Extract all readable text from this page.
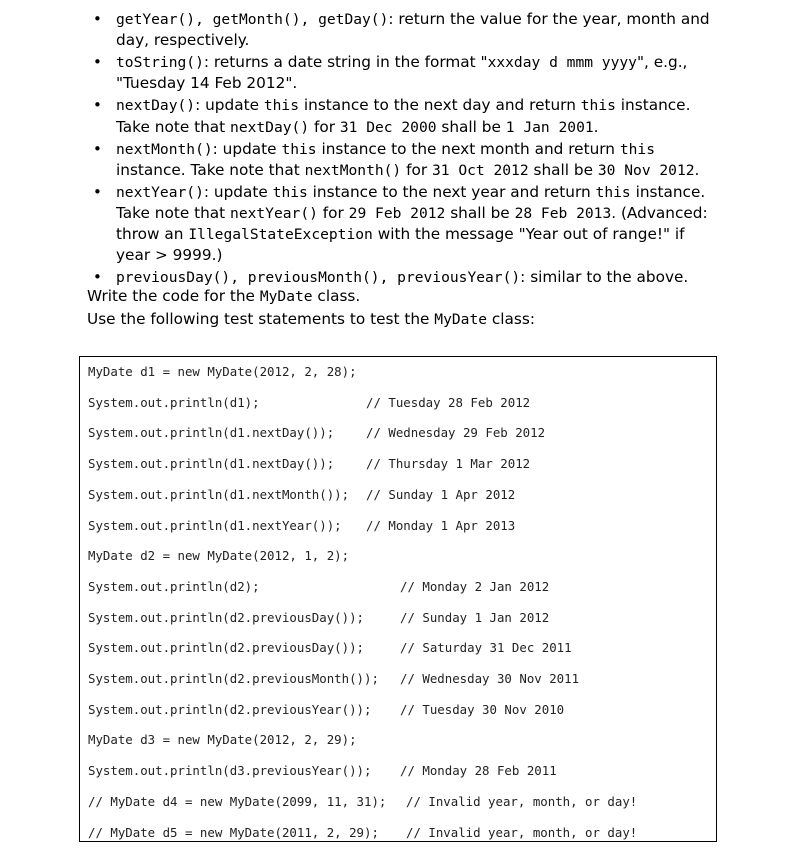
• getYear(), getMonth(), getDay(): return the value for the year, month and day, respectively.
• toString(): returns a date string in the format "xxxday d mmm yyyy", e.g., "Tuesday 14 Feb 2012".
• nextDay(): update this instance to the next day and return this instance. Take note that nextDay() for 31 Dec 2000 shall be 1 Jan 2001.
• nextMonth(): update this instance to the next month and return this instance. Take note that nextMonth() for 31 Oct 2012 shall be 30 Nov 2012.
• nextYear(): update this instance to the next year and return this instance. Take note that nextYear() for 29 Feb 2012 shall be 28 Feb 2013. (Advanced: throw an IllegalStateException with the message "Year out of range!" if year > 9999.)
• previousDay(), previousMonth(), previousYear(): similar to the above.
Write the code for the MyDate class.
Use the following test statements to test the MyDate class:
MyDate d1 = new MyDate(2012, 2, 28);
System.out.println(d1);	// Tuesday 28 Feb 2012
System.out.println(d1.nextDay());	// Wednesday 29 Feb 2012
System.out.println(d1.nextDay());	// Thursday 1 Mar 2012
System.out.println(d1.nextMonth()); // Sunday 1 Apr 2012
System.out.println(d1.nextYear()); // Monday 1 Apr 2013
MyDate d2 = new MyDate(2012, 1, 2);
System.out.println(d2);	// Monday 2 Jan 2012
System.out.println(d2.previousDay());	// Sunday 1 Jan 2012
System.out.println(d2.previousDay());	// Saturday 31 Dec 2011
System.out.println(d2.previousMonth()); // Wednesday 30 Nov 2011
System.out.println(d2.previousYear()); // Tuesday 30 Nov 2010
MyDate d3 = new MyDate(2012, 2, 29);
System.out.println(d3.previousYear()); // Monday 28 Feb 2011
// MyDate d4 = new MyDate(2099, 11, 31); // Invalid year, month, or day!
// MyDate d5 = new MyDate(2011, 2, 29); // Invalid year, month, or day!
